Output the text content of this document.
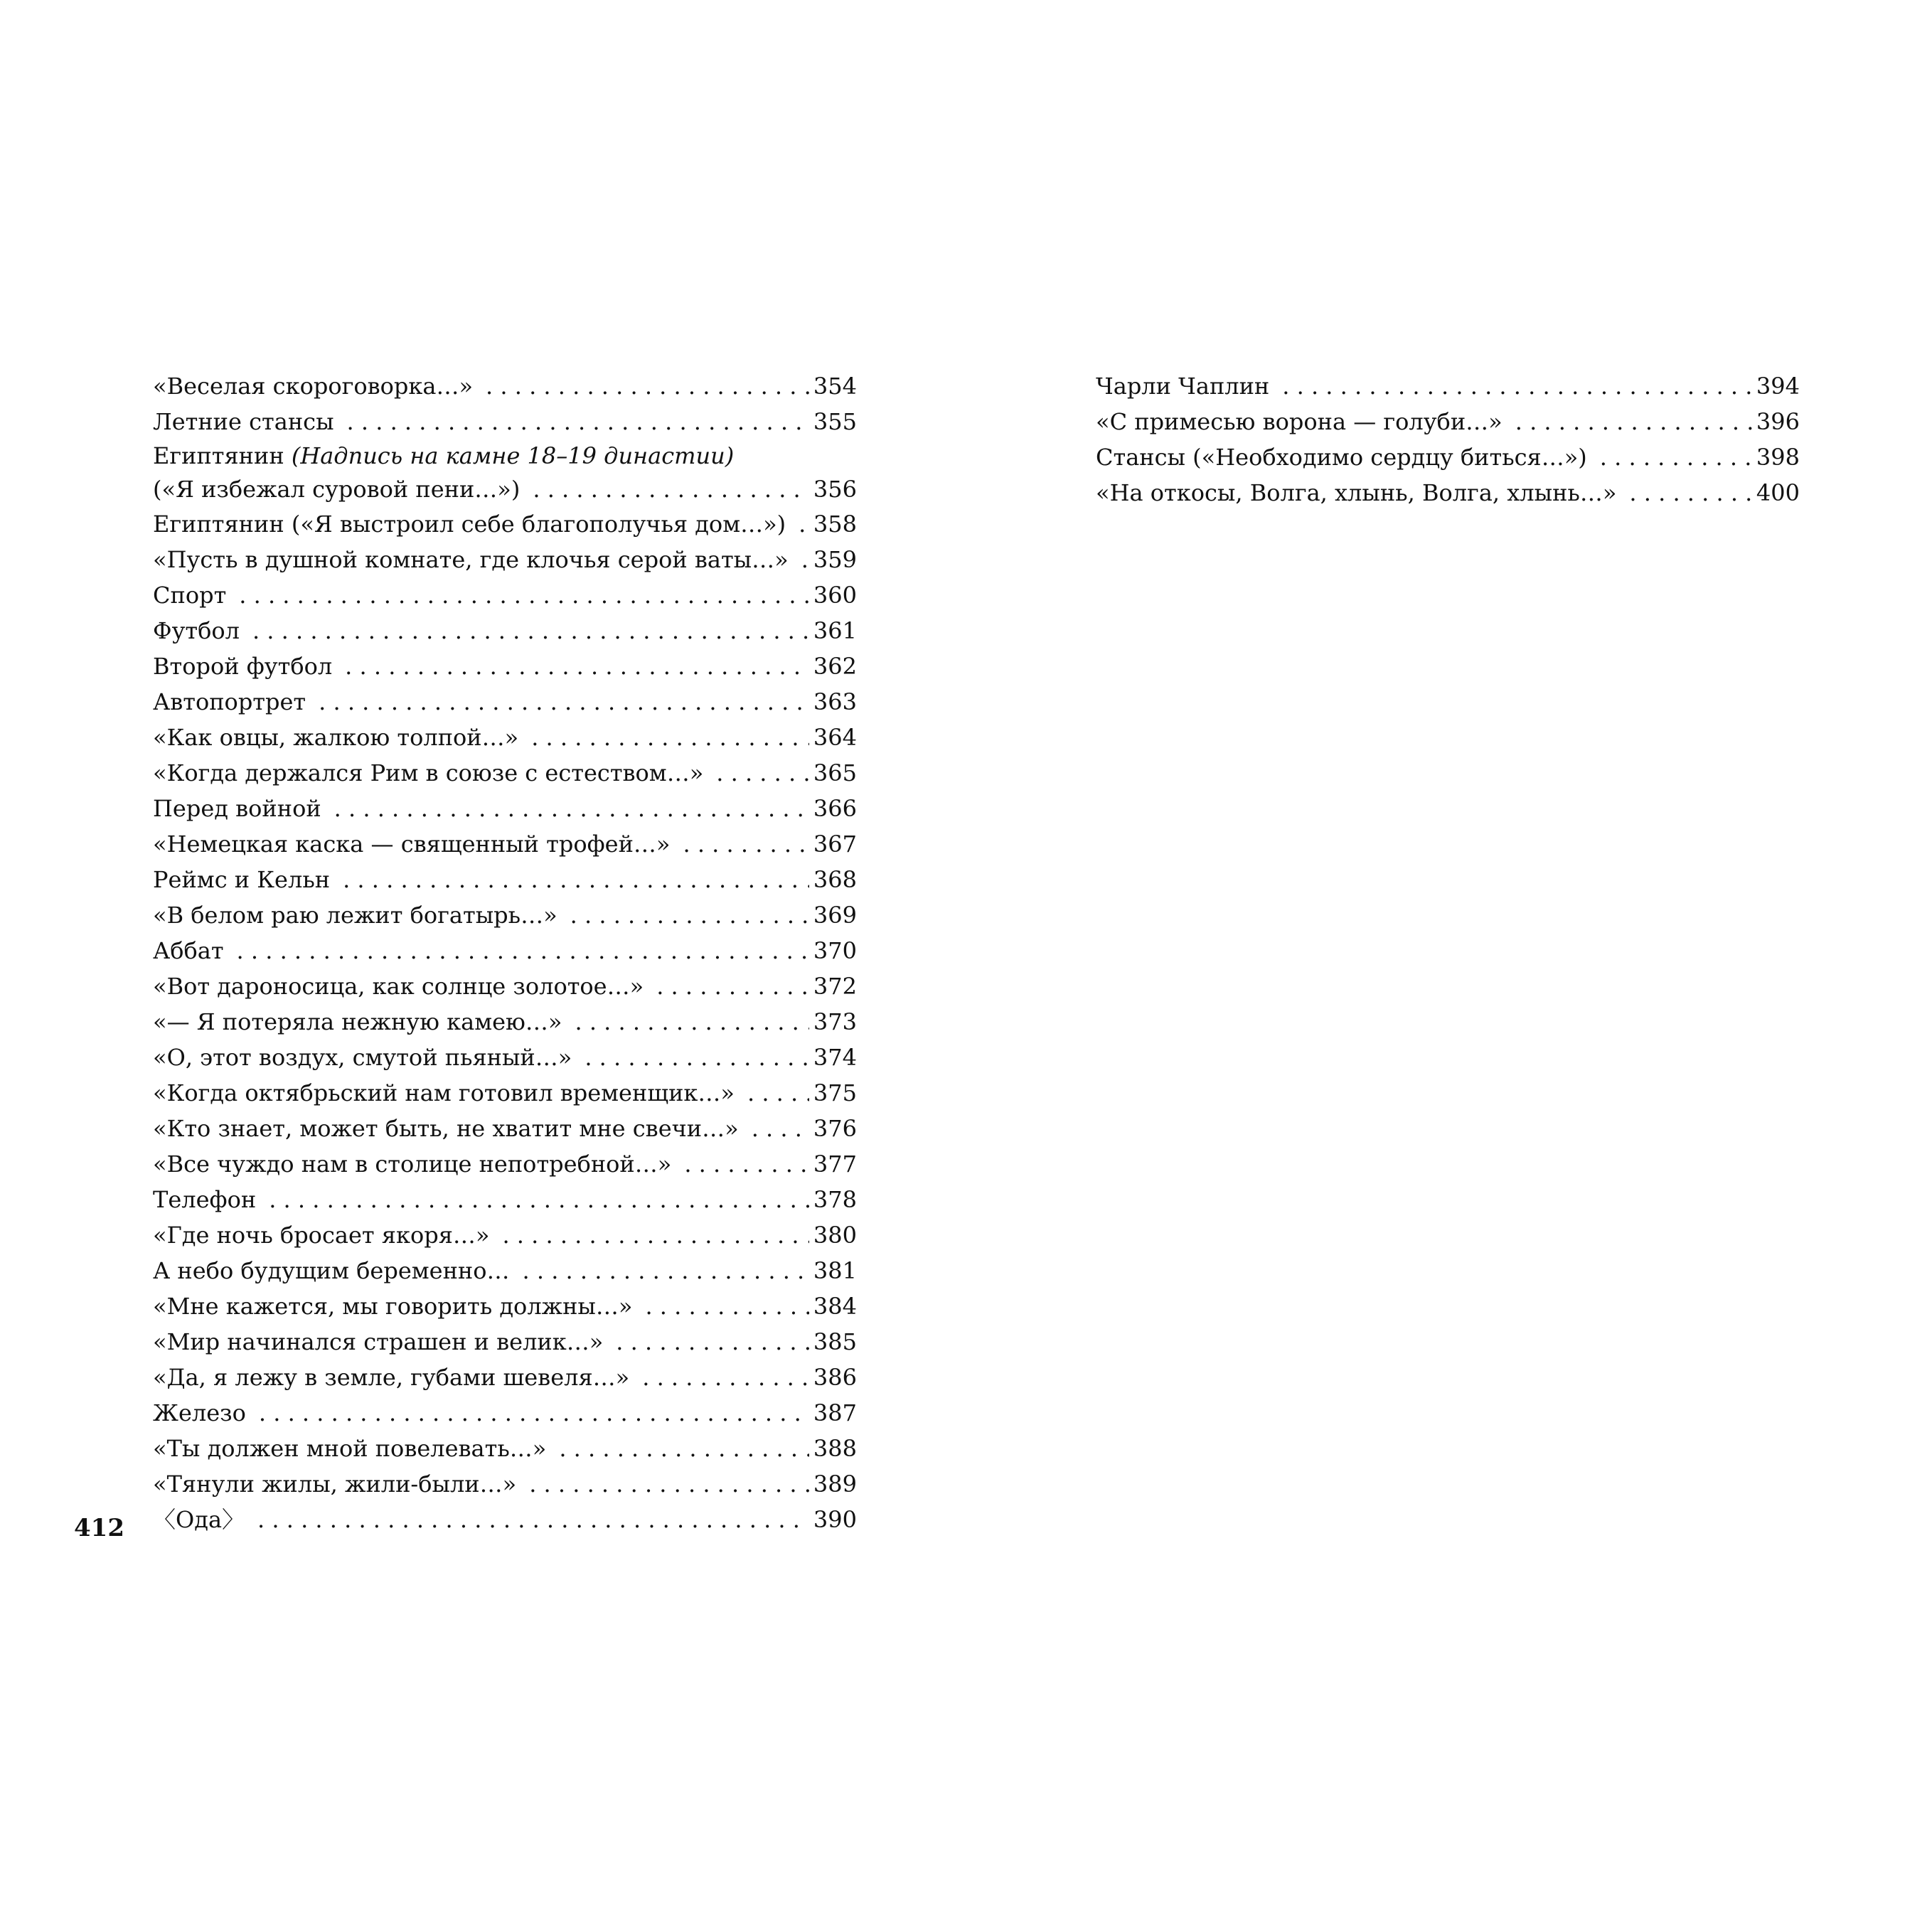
«Веселая скороговорка…» . . .	354
Летние стансы . . .	355
Египтянин (Надпись на камне 18–19 династии)
(«Я избежал суровой пени…») . . .	356
Египтянин («Я выстроил себе благополучья дом…») . . . 358
«Пусть в душной комнате, где клочья серой ваты…» . . . 359
Спорт . . .	360
Футбол . . .	361
Второй футбол . . .	362
Автопортрет . . .	363
«Как овцы, жалкою толпой…» . . .	364
«Когда держался Рим в союзе с естеством…» . . .	365
Перед войной . . .	366
«Немецкая каска — священный трофей…» . . .	367
Реймс и Кельн . . .	368
«В белом раю лежит богатырь…» . . .	369
Аббат . . .	370
«Вот дароносица, как солнце золотое…» . . .	372
«— Я потеряла нежную камею…» . . .	373
«О, этот воздух, смутой пьяный…» . . .	374
«Когда октябрьский нам готовил временщик…» . . .	375
«Кто знает, может быть, не хватит мне свечи…» . . .	376
«Все чуждо нам в столице непотребной…» . . .	377
Телефон . . .	378
«Где ночь бросает якоря…» . . .	380
А небо будущим беременно… . . .	381
«Мне кажется, мы говорить должны…» . . .	384
«Мир начинался страшен и велик…» . . .	385
«Да, я лежу в земле, губами шевеля…» . . .	386
Железо . . .	387
«Ты должен мной повелевать…» . . .	388
«Тянули жилы, жили-были…» . . .	389
〈Ода〉 . . .	390
Чарли Чаплин . . .	394
«С примесью ворона — голуби…» . . .	396
Стансы («Необходимо сердцу биться…») . . .	398
«На откосы, Волга, хлынь, Волга, хлынь…» . . .	400
412
